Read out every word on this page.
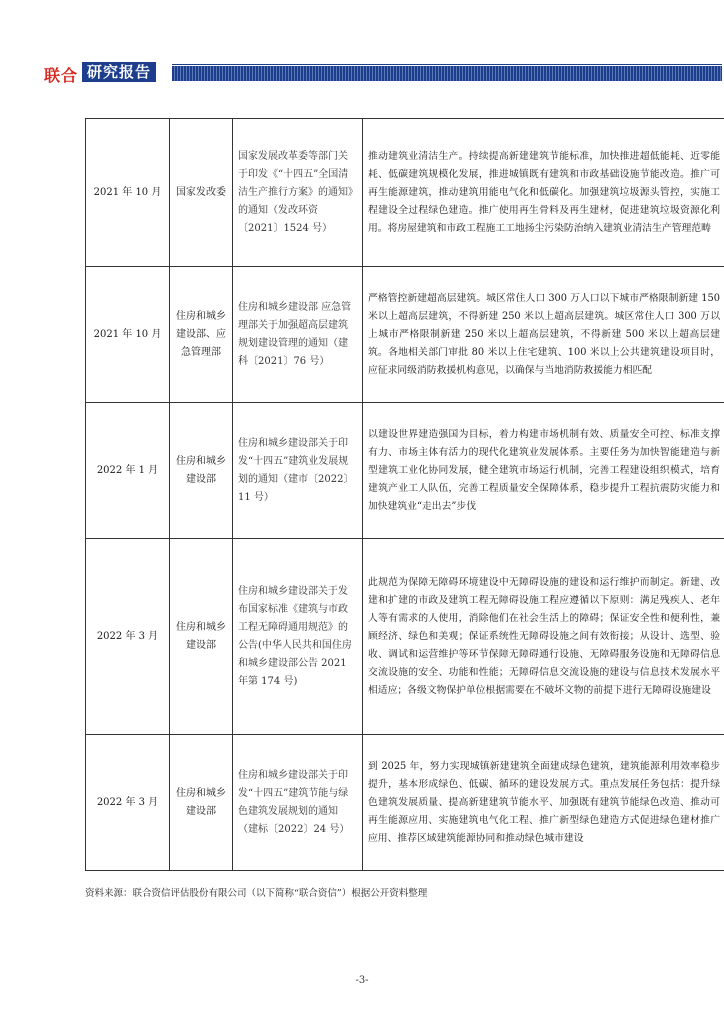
联合 研究报告
2021 年 10 月	国家发改委	国家发展改革委等部门关于印发《“十四五”全国清洁生产推行方案》的通知》的通知（发改环资〔2021〕1524 号）	推动建筑业清洁生产。持续提高新建建筑节能标准，加快推进超低能耗、近零能耗、低碳建筑规模化发展，推进城镇既有建筑和市政基础设施节能改造。推广可再生能源建筑，推动建筑用能电气化和低碳化。加强建筑垃圾源头管控，实施工程建设全过程绿色建造。推广使用再生骨料及再生建材，促进建筑垃圾资源化利用。将房屋建筑和市政工程施工工地扬尘污染防治纳入建筑业清洁生产管理范畴
2021 年 10 月	住房和城乡建设部、应急管理部	住房和城乡建设部 应急管理部关于加强超高层建筑规划建设管理的通知（建科〔2021〕76 号）	严格管控新建超高层建筑。城区常住人口 300 万人口以下城市严格限制新建 150 米以上超高层建筑，不得新建 250 米以上超高层建筑。城区常住人口 300 万以上城市严格限制新建 250 米以上超高层建筑，不得新建 500 米以上超高层建筑。各地相关部门审批 80 米以上住宅建筑、100 米以上公共建筑建设项目时，应征求同级消防救援机构意见，以确保与当地消防救援能力相匹配
2022 年 1 月	住房和城乡建设部	住房和城乡建设部关于印发“十四五”建筑业发展规划的通知（建市〔2022〕11 号）	以建设世界建造强国为目标，着力构建市场机制有效、质量安全可控、标准支撑有力、市场主体有活力的现代化建筑业发展体系。主要任务为加快智能建造与新型建筑工业化协同发展，健全建筑市场运行机制，完善工程建设组织模式，培育建筑产业工人队伍，完善工程质量安全保障体系，稳步提升工程抗震防灾能力和加快建筑业“走出去”步伐
2022 年 3 月	住房和城乡建设部	住房和城乡建设部关于发布国家标准《建筑与市政工程无障碍通用规范》的公告(中华人民共和国住房和城乡建设部公告 2021 年第 174 号)	此规范为保障无障碍环境建设中无障碍设施的建设和运行维护而制定。新建、改建和扩建的市政及建筑工程无障碍设施工程应遵循以下原则：满足残疾人、老年人等有需求的人使用，消除他们在社会生活上的障碍；保证安全性和便利性，兼顾经济、绿色和美观；保证系统性无障碍设施之间有效衔接；从设计、选型、验收、调试和运营维护等环节保障无障碍通行设施、无障碍服务设施和无障碍信息交流设施的安全、功能和性能；无障碍信息交流设施的建设与信息技术发展水平相适应；各级文物保护单位根据需要在不破坏文物的前提下进行无障碍设施建设
2022 年 3 月	住房和城乡建设部	住房和城乡建设部关于印发“十四五”建筑节能与绿色建筑发展规划的通知（建标〔2022〕24 号）	到 2025 年，努力实现城镇新建建筑全面建成绿色建筑，建筑能源利用效率稳步提升，基本形成绿色、低碳、循环的建设发展方式。重点发展任务包括：提升绿色建筑发展质量、提高新建建筑节能水平、加强既有建筑节能绿色改造、推动可再生能源应用、实施建筑电气化工程、推广新型绿色建造方式促进绿色建材推广应用、推荐区域建筑能源协同和推动绿色城市建设
资料来源：联合资信评估股份有限公司（以下简称“联合资信”）根据公开资料整理
-3-
